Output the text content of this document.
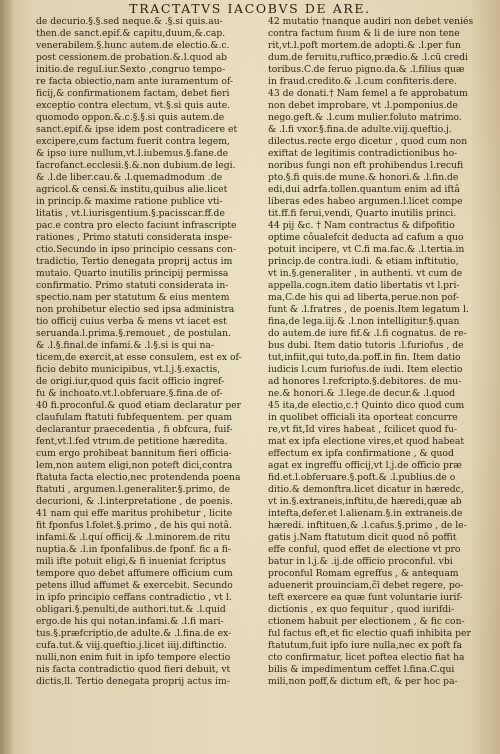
TRACTATVS IACOBVS DE ARE.
de decurio.§.§.sed neque.& .§.si quis.au-
then.de sanct.epif.& capitu,duum,&.cap.
venerabilem.§.hunc autem.de electio.&.c.
post cessionem.de probation.&.l.quod ab
initio.de regul.iur.Sexto ,congruo tempo-
re facta obiectio,nam ante iuramentum of-
ficij,& confirmationem factam, debet fieri
exceptio contra electum, vt.§.si quis aute.
quomodo oppon.&.c.§.§.si quis autem.de
sanct.epif.& ipse idem post contradicere et
excipere,cum factum fuerit contra legem,
& ipso iure nullum,vt.l.iubemus.§.fane.de
facrofanct.ecclesii.§.&.non dubium.de legi.
& .l.de liber.cau.& .l.quemadmodum .de
agricol.& censi.& institu,quibus alie.licet
in princip.& maxime ratione publice vti-
litatis , vt.l.iurisgentium.§.pacisscar.ff.de
pac.e contra pro electo faciunt infrascripte
rationes , Primo statuti considerata inspe-
ctio.Secundo in ipso principio cessans con-
tradictio, Tertio denegata proprij actus im
mutaio. Quarto inutilis principij permissa
confirmatio. Primo statuti considerata in-
spectio.nam per statutum & eius mentem
non prohibetur electio sed ipsa administra
tio officij cuius verba & mens vt iacet est
seruanda.l.prima.§.remouet , de postulan.
& .l.§.final.de infami.& .l.§.si is qui na-
ticem,de exercit,at esse consulem, est ex of-
ficio debito municipibus, vt.l.j.§.exactis,
de origi.iur,quod quis facit officio ingref-
fu & inchoato.vt.l.obferuare.§.fina.de of-
40 fi.proconful.& quod etiam declaratur per
claufulam ftatuti fubfequentem. per quam
declarantur praecedentia , fi obfcura, fuif-
fent,vt.l.fed vtrum.de petitione hæredita.
cum ergo prohibeat bannitum fieri officia-
lem,non autem eligi,non poteft dici,contra
ftatuta facta electio,nec protendenda poena
ftatuti , argumen.l.generaliter.§.primo, de
decurioni, & .l.interpretatione , de poenis.
41 nam qui effe maritus prohibetur , licite
fit fponfus l.folet.§.primo , de his qui notâ.
infami.& .l.quí officij.& .l.minorem.de ritu
nuptia.& .l.in fponfalibus.de fponf. fic a fi-
mili ifte potuit eligi,& fi inueniat fcriptus
tempore quo debet affumere officium cum
petens illud affumet & exercebit. Secundo
in ipfo principio ceffans contradictio , vt l.
obligari.§.penulti,de authori.tut.& .l.quid
ergo.de his qui notan.infami.& .l.fi mari-
tus.§.præfcriptio,de adulte.& .l.fina.de ex-
cufa.tut.& viij.queftio.j.licet iiij.diftinctio.
nulli,non enim fuit in ipfo tempore electio
nis facta contradictio quod fieri debuit, vt
dictis,ll. Tertio denegata proprij actus im-
42 mutatio †nanque audiri non debet veniés
contra factum fuum & li de iure non tene
rit,vt.l.poft mortem.de adopti.& .l.per fun
dum.de feruitu,ruftico,prædio.& .l.cū credi
toribus.C.de feruo pigno.da.& .l.filius quæ
in fraud.credito.& .l.cum confiteris.dere.
43 de donati.† Nam femel a fe approbatum
non debet improbare, vt .l.pomponius.de
nego.geft.& .l.cum mulier.foluto matrimo.
& .l.fi vxor.§.fina.de adulte.viij.queftio.j.
dilectus.recte ergo dicetur , quod cum non
exiftat de legitimis contradictionibus ho-
noribus fungi non eft prohibendus l.recufi
pto.§.fi quis.de mune.& honori.& .l.fin.de
edi,dui adrfa.tollen.quantum enim ad iftâ
liberas edes habeo argumen.l.licet compe
tit.ff.fi ferui,vendi, Quarto inutilis princi.
44 pij &c. † Nam contractus & difpofitio
optime côualefcit deducta ad cafum a quo
potuit incipere, vt C.fi ma.fac.& .l.tertia.in
princip.de contra.iudi. & etiam inftitutio,
vt in.§.generaliter , in authenti. vt cum de
appella.cogn.item datio libertatis vt l.pri-
ma,C.de his qui ad liberta,perue.non pof-
funt & .l.fratres , de poenis.Item legatum l.
fina,de lega.iij.& .l.non intelligitur.§.quan
do autem.de iure fif.& .l.fi cognatus. de re-
bus dubi. Item datio tutoris .l.furiofus , de
tut,infiit,qui tuto,da.poff.in fin. Item datio
iudicis l.cum furiofus.de iudi. Item electio
ad honores l.refcripto.§.debitores. de mu-
ne.& honori.& .l.lege.de decur.& .l.quod
45 ita,de electio,c.† Quinto dico quod cum
in quolibet officiali ita oporteat concurre
re,vt fit,Id vires habeat , fcilicet quod fu-
mat ex ipfa electione vires,et quod habeat
effectum ex ipfa confirmatione , & quod
agat ex ingreffu officij,vt l.j.de officio præ
fid.et.l.obferuare.§.poft.& .l.publius.de o
ditio.& demonftra.licet dicatur in hæredc,
vt in.§.extraneis,inftitu,de hæredi,quæ ab
intefta,defer.et l.alienam.§.in extraneis.de
hæredi. inftituen,& .l.cafus.§.primo , de le-
gatis j.Nam ftatutum dicit quod nô poffit
effe conful, quod effet de electione vt pro
batur in l.j.& .ij.de officio proconful. vbi
proconful Romam egreffus , & antequam
aduenerit prouinciam,ĉī debet regere, po-
teft exercere ea quæ funt voluntarie iurif-
dictionis , ex quo fequitur , quod iurifdi-
ctionem habuit per electionem , & fic con-
ful factus eft,et fic electio quafi inhibita per
ftatutum,fuit ipfo iure nulla,nec ex poft fa
cto confirmatur, licet poftea electio fiat ha
bilis & impedimentum ceffet l.fina.C.qui
mili,non poff,& dictum eft, & per hoc pa-
